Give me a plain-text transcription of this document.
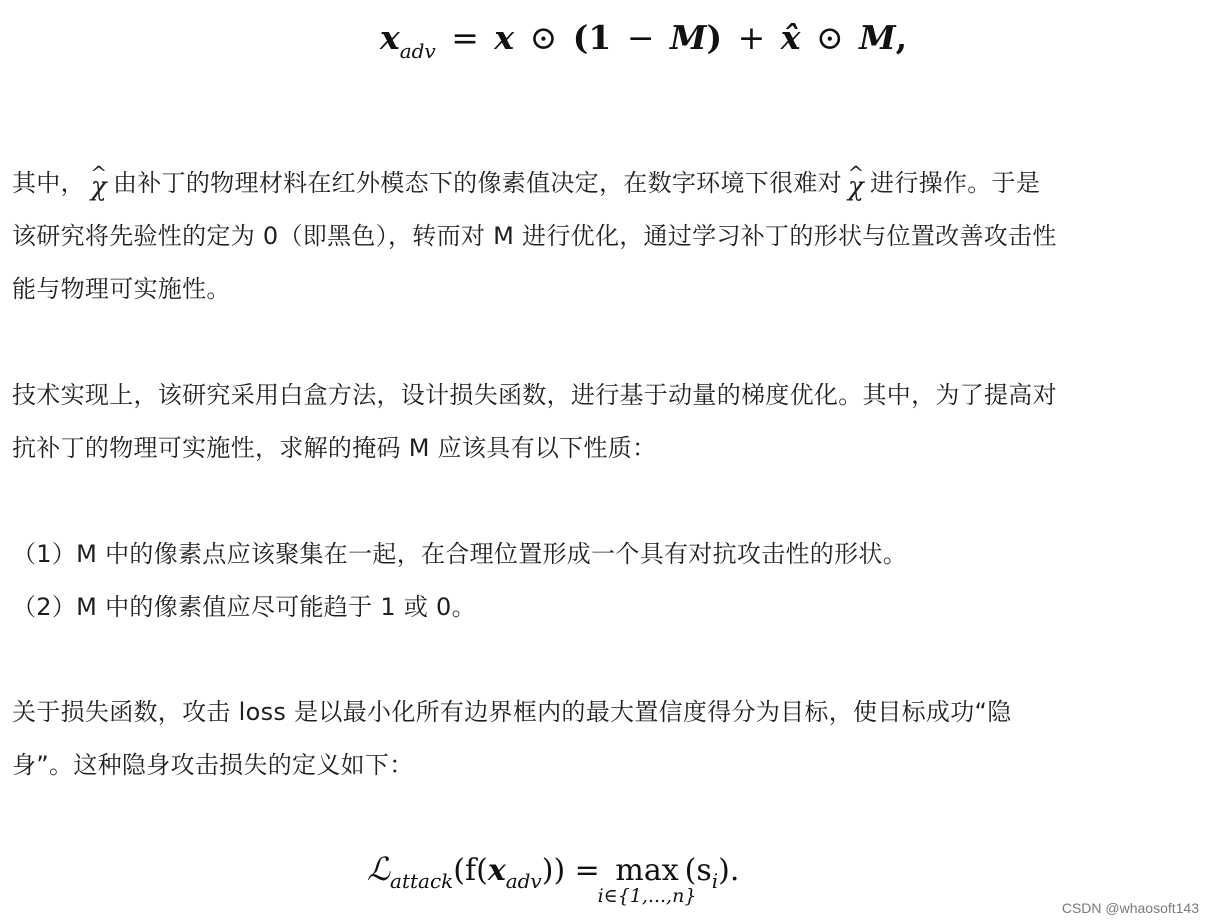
$x_{adv} = x$ ⊙ (1 − M) + x̂ ⊙ M,
其中， ^ χ 由补丁的物理材料在红外模态下的像素值决定，在数字环境下很难对 ^ χ 进行操作。于是
该研究将先验性的定为 0（即黑色），转而对 M 进行优化，通过学习补丁的形状与位置改善攻击性
能与物理可实施性。
技术实现上，该研究采用白盒方法，设计损失函数，进行基于动量的梯度优化。其中，为了提高对
抗补丁的物理可实施性，求解的掩码 M 应该具有以下性质：
（1）M 中的像素点应该聚集在一起，在合理位置形成一个具有对抗攻击性的形状。
（2）M 中的像素值应尽可能趋于 1 或 0。
关于损失函数，攻击 loss 是以最小化所有边界框内的最大置信度得分为目标，使目标成功“隐
身”。这种隐身攻击损失的定义如下：
$ℒ_{attack}(f(x_{adv})) = \max$
i∈{1,...,n}
$(s_i)$.
CSDN @whaosoft143
